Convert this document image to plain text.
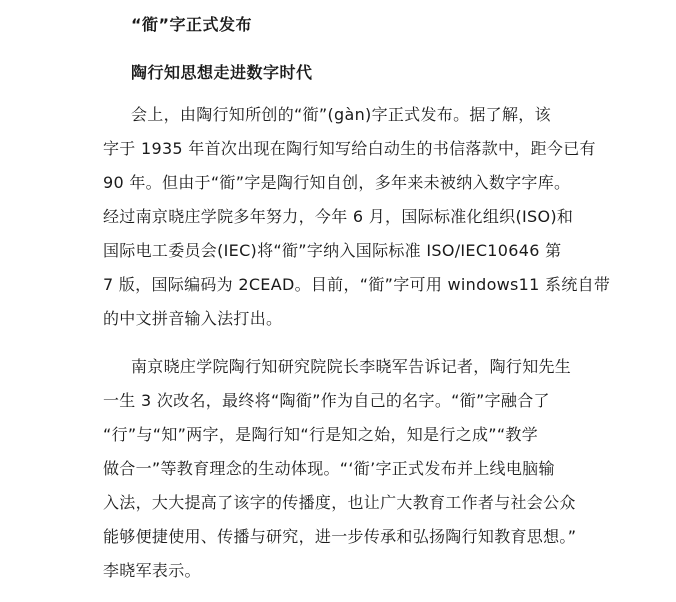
“衜”字正式发布
陶行知思想走进数字时代
会上，由陶行知所创的“衜”(gàn)字正式发布。据了解，该
字于 1935 年首次出现在陶行知写给白动生的书信落款中，距今已有
90 年。但由于“衜”字是陶行知自创，多年来未被纳入数字字库。
经过南京晓庄学院多年努力，今年 6 月，国际标准化组织(ISO)和
国际电工委员会(IEC)将“衜”字纳入国际标准 ISO/IEC10646 第
7 版，国际编码为 2CEAD。目前，“衜”字可用 windows11 系统自带
的中文拼音输入法打出。
南京晓庄学院陶行知研究院院长李晓军告诉记者，陶行知先生
一生 3 次改名，最终将“陶衜”作为自己的名字。“衜”字融合了
“行”与“知”两字，是陶行知“行是知之始，知是行之成”“教学
做合一”等教育理念的生动体现。“‘衜’字正式发布并上线电脑输
入法，大大提高了该字的传播度，也让广大教育工作者与社会公众
能够便捷使用、传播与研究，进一步传承和弘扬陶行知教育思想。”
李晓军表示。
